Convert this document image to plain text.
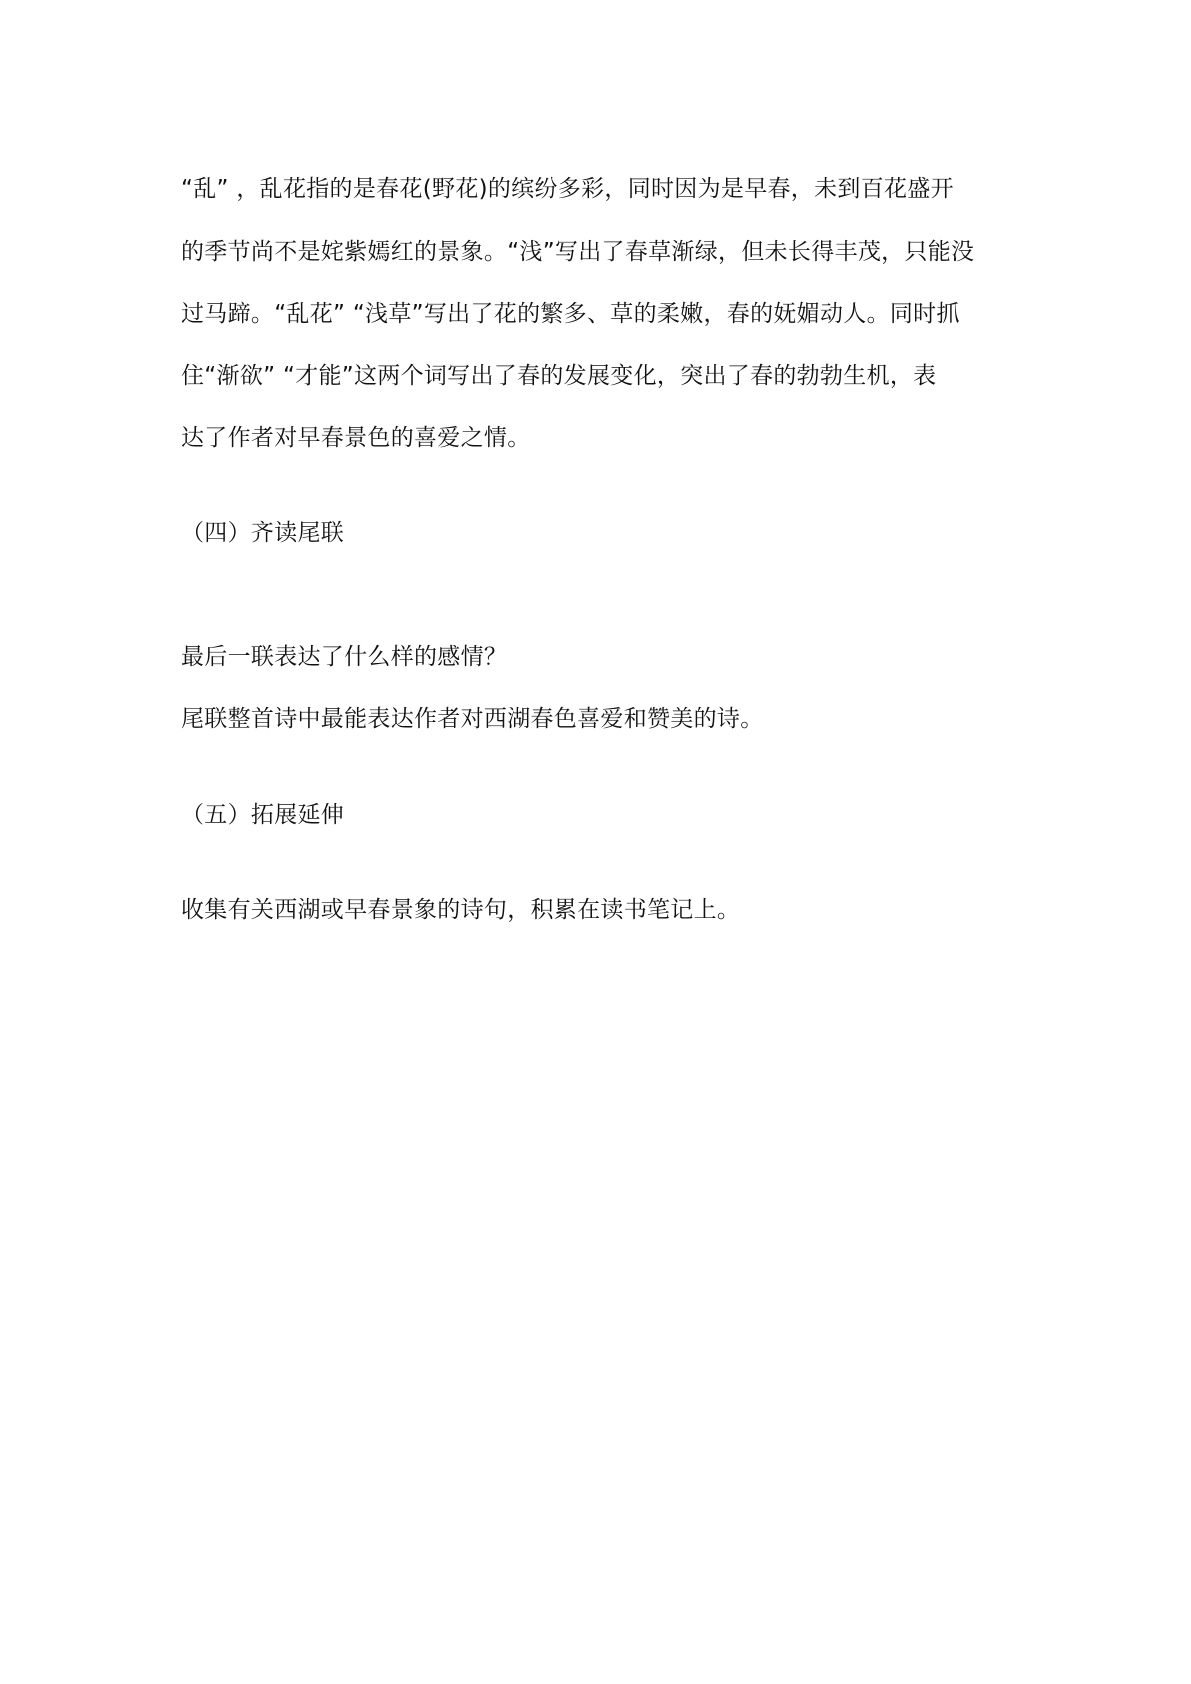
“乱” ，乱花指的是春花(野花)的缤纷多彩，同时因为是早春，未到百花盛开
的季节尚不是姹紫嫣红的景象。“浅”写出了春草渐绿，但未长得丰茂，只能没
过马蹄。“乱花” “浅草”写出了花的繁多、草的柔嫩，春的妩媚动人。同时抓
住“渐欲” “才能”这两个词写出了春的发展变化，突出了春的勃勃生机，表
达了作者对早春景色的喜爱之情。
（四）齐读尾联
最后一联表达了什么样的感情？
尾联整首诗中最能表达作者对西湖春色喜爱和赞美的诗。
（五）拓展延伸
收集有关西湖或早春景象的诗句，积累在读书笔记上。
